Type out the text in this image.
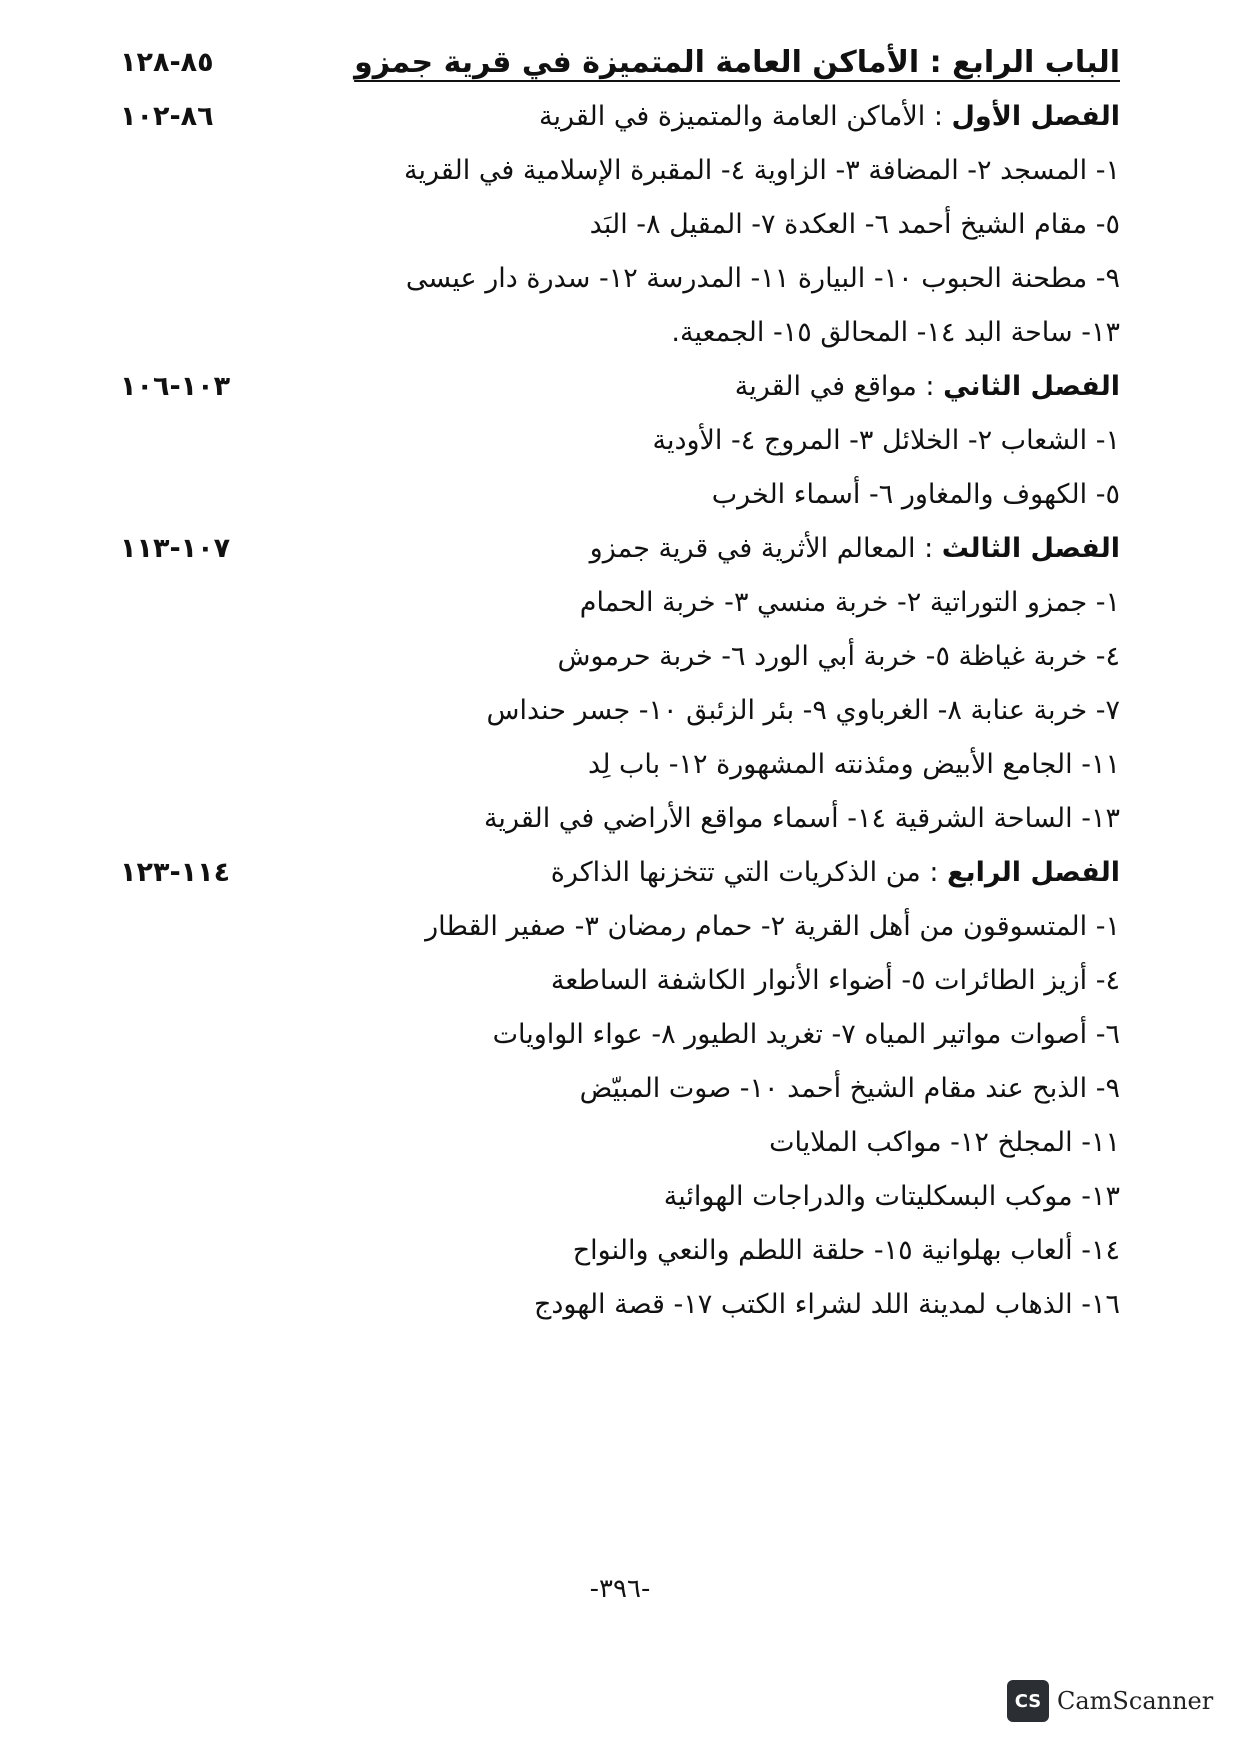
الباب الرابع : الأماكن العامة المتميزة في قرية جمزو
٨٥-١٢٨
الفصل الأول : الأماكن العامة والمتميزة في القرية
٨٦-١٠٢
١- المسجد ٢- المضافة ٣- الزاوية ٤- المقبرة الإسلامية في القرية
٥- مقام الشيخ أحمد ٦- العكدة ٧- المقيل ٨- البَد
٩- مطحنة الحبوب ١٠- البيارة ١١- المدرسة ١٢- سدرة دار عيسى
١٣- ساحة البد ١٤- المحالق ١٥- الجمعية.
الفصل الثاني : مواقع في القرية
١٠٣-١٠٦
١- الشعاب ٢- الخلائل ٣- المروج ٤- الأودية
٥- الكهوف والمغاور ٦- أسماء الخرب
الفصل الثالث : المعالم الأثرية في قرية جمزو
١٠٧-١١٣
١- جمزو التوراتية ٢- خربة منسي ٣- خربة الحمام
٤- خربة غياظة ٥- خربة أبي الورد ٦- خربة حرموش
٧- خربة عنابة ٨- الغرباوي ٩- بئر الزئبق ١٠- جسر حنداس
١١- الجامع الأبيض ومئذنته المشهورة ١٢- باب لِد
١٣- الساحة الشرقية ١٤- أسماء مواقع الأراضي في القرية
الفصل الرابع : من الذكريات التي تتخزنها الذاكرة
١١٤-١٢٣
١- المتسوقون من أهل القرية ٢- حمام رمضان ٣- صفير القطار
٤- أزيز الطائرات ٥- أضواء الأنوار الكاشفة الساطعة
٦- أصوات مواتير المياه ٧- تغريد الطيور ٨- عواء الواويات
٩- الذبح عند مقام الشيخ أحمد ١٠- صوت المبيّض
١١- المجلخ ١٢- مواكب الملايات
١٣- موكب البسكليتات والدراجات الهوائية
١٤- ألعاب بهلوانية ١٥- حلقة اللطم والنعي والنواح
١٦- الذهاب لمدينة اللد لشراء الكتب ١٧- قصة الهودج
-٣٩٦-
CS CamScanner
